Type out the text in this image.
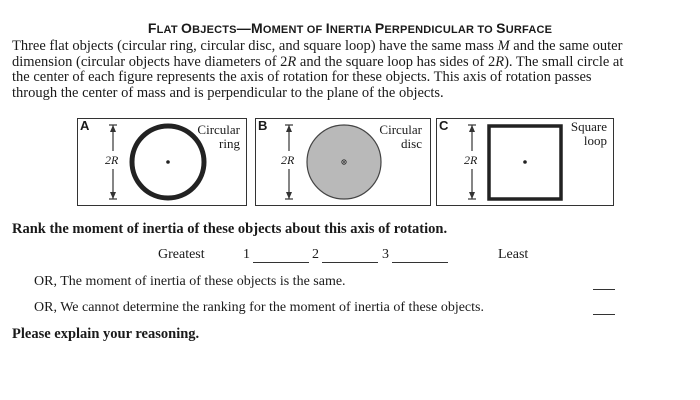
FLAT OBJECTS—MOMENT OF INERTIA PERPENDICULAR TO SURFACE
Three flat objects (circular ring, circular disc, and square loop) have the same mass M and the same outer
dimension (circular objects have diameters of 2R and the square loop has sides of 2R). The small circle at
the center of each figure represents the axis of rotation for these objects. This axis of rotation passes
through the center of mass and is perpendicular to the plane of the objects.
A	Circular
ring
2R
B	Circular
disc
2R
C	Square
loop
2R
Rank the moment of inertia of these objects about this axis of rotation.
Greatest	1	2	3	Least
OR, The moment of inertia of these objects is the same.
OR, We cannot determine the ranking for the moment of inertia of these objects.
Please explain your reasoning.
